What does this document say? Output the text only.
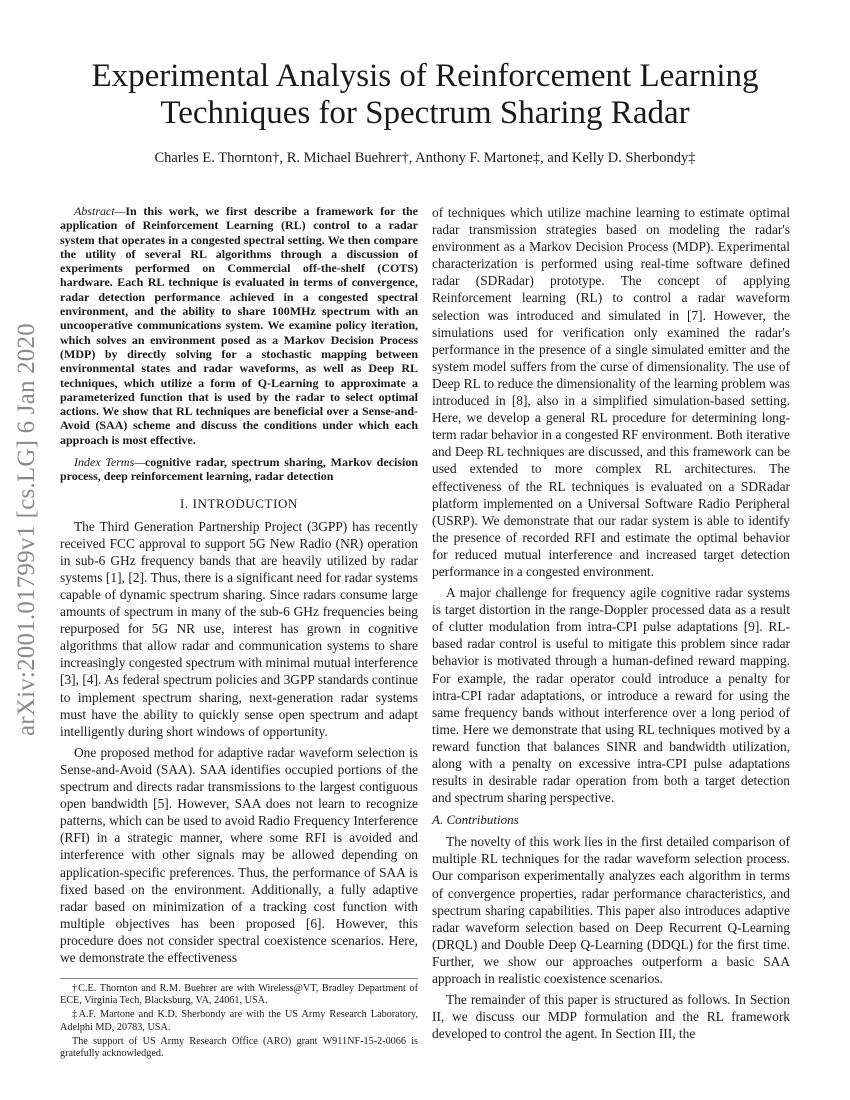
arXiv:2001.01799v1 [cs.LG] 6 Jan 2020
Experimental Analysis of Reinforcement Learning
Techniques for Spectrum Sharing Radar
Charles E. Thornton†, R. Michael Buehrer†, Anthony F. Martone‡, and Kelly D. Sherbondy‡

Abstract—In this work, we first describe a framework for the application of Reinforcement Learning (RL) control to a radar system that operates in a congested spectral setting. We then compare the utility of several RL algorithms through a discussion of experiments performed on Commercial off-the-shelf (COTS) hardware. Each RL technique is evaluated in terms of convergence, radar detection performance achieved in a congested spectral environment, and the ability to share 100MHz spectrum with an uncooperative communications system. We examine policy iteration, which solves an environment posed as a Markov Decision Process (MDP) by directly solving for a stochastic mapping between environmental states and radar waveforms, as well as Deep RL techniques, which utilize a form of Q-Learning to approximate a parameterized function that is used by the radar to select optimal actions. We show that RL techniques are beneficial over a Sense-and-Avoid (SAA) scheme and discuss the conditions under which each approach is most effective.

Index Terms—cognitive radar, spectrum sharing, Markov decision process, deep reinforcement learning, radar detection

I. INTRODUCTION

The Third Generation Partnership Project (3GPP) has recently received FCC approval to support 5G New Radio (NR) operation in sub-6 GHz frequency bands that are heavily utilized by radar systems [1], [2]. Thus, there is a significant need for radar systems capable of dynamic spectrum sharing. Since radars consume large amounts of spectrum in many of the sub-6 GHz frequencies being repurposed for 5G NR use, interest has grown in cognitive algorithms that allow radar and communication systems to share increasingly congested spectrum with minimal mutual interference [3], [4]. As federal spectrum policies and 3GPP standards continue to implement spectrum sharing, next-generation radar systems must have the ability to quickly sense open spectrum and adapt intelligently during short windows of opportunity.

One proposed method for adaptive radar waveform selection is Sense-and-Avoid (SAA). SAA identifies occupied portions of the spectrum and directs radar transmissions to the largest contiguous open bandwidth [5]. However, SAA does not learn to recognize patterns, which can be used to avoid Radio Frequency Interference (RFI) in a strategic manner, where some RFI is avoided and interference with other signals may be allowed depending on application-specific preferences. Thus, the performance of SAA is fixed based on the environment. Additionally, a fully adaptive radar based on minimization of a tracking cost function with multiple objectives has been proposed [6]. However, this procedure does not consider spectral coexistence scenarios. Here, we demonstrate the effectiveness

†C.E. Thornton and R.M. Buehrer are with Wireless@VT, Bradley Department of ECE, Virginia Tech, Blacksburg, VA, 24061, USA.

‡A.F. Martone and K.D. Sherbondy are with the US Army Research Laboratory, Adelphi MD, 20783, USA.

The support of US Army Research Office (ARO) grant W911NF-15-2-0066 is gratefully acknowledged.

of techniques which utilize machine learning to estimate optimal radar transmission strategies based on modeling the radar's environment as a Markov Decision Process (MDP). Experimental characterization is performed using real-time software defined radar (SDRadar) prototype. The concept of applying Reinforcement learning (RL) to control a radar waveform selection was introduced and simulated in [7]. However, the simulations used for verification only examined the radar's performance in the presence of a single simulated emitter and the system model suffers from the curse of dimensionality. The use of Deep RL to reduce the dimensionality of the learning problem was introduced in [8], also in a simplified simulation-based setting. Here, we develop a general RL procedure for determining long-term radar behavior in a congested RF environment. Both iterative and Deep RL techniques are discussed, and this framework can be used extended to more complex RL architectures. The effectiveness of the RL techniques is evaluated on a SDRadar platform implemented on a Universal Software Radio Peripheral (USRP). We demonstrate that our radar system is able to identify the presence of recorded RFI and estimate the optimal behavior for reduced mutual interference and increased target detection performance in a congested environment.

A major challenge for frequency agile cognitive radar systems is target distortion in the range-Doppler processed data as a result of clutter modulation from intra-CPI pulse adaptations [9]. RL-based radar control is useful to mitigate this problem since radar behavior is motivated through a human-defined reward mapping. For example, the radar operator could introduce a penalty for intra-CPI radar adaptations, or introduce a reward for using the same frequency bands without interference over a long period of time. Here we demonstrate that using RL techniques motived by a reward function that balances SINR and bandwidth utilization, along with a penalty on excessive intra-CPI pulse adaptations results in desirable radar operation from both a target detection and spectrum sharing perspective.

A. Contributions

The novelty of this work lies in the first detailed comparison of multiple RL techniques for the radar waveform selection process. Our comparison experimentally analyzes each algorithm in terms of convergence properties, radar performance characteristics, and spectrum sharing capabilities. This paper also introduces adaptive radar waveform selection based on Deep Recurrent Q-Learning (DRQL) and Double Deep Q-Learning (DDQL) for the first time. Further, we show our approaches outperform a basic SAA approach in realistic coexistence scenarios.

The remainder of this paper is structured as follows. In Section II, we discuss our MDP formulation and the RL framework developed to control the agent. In Section III, the
